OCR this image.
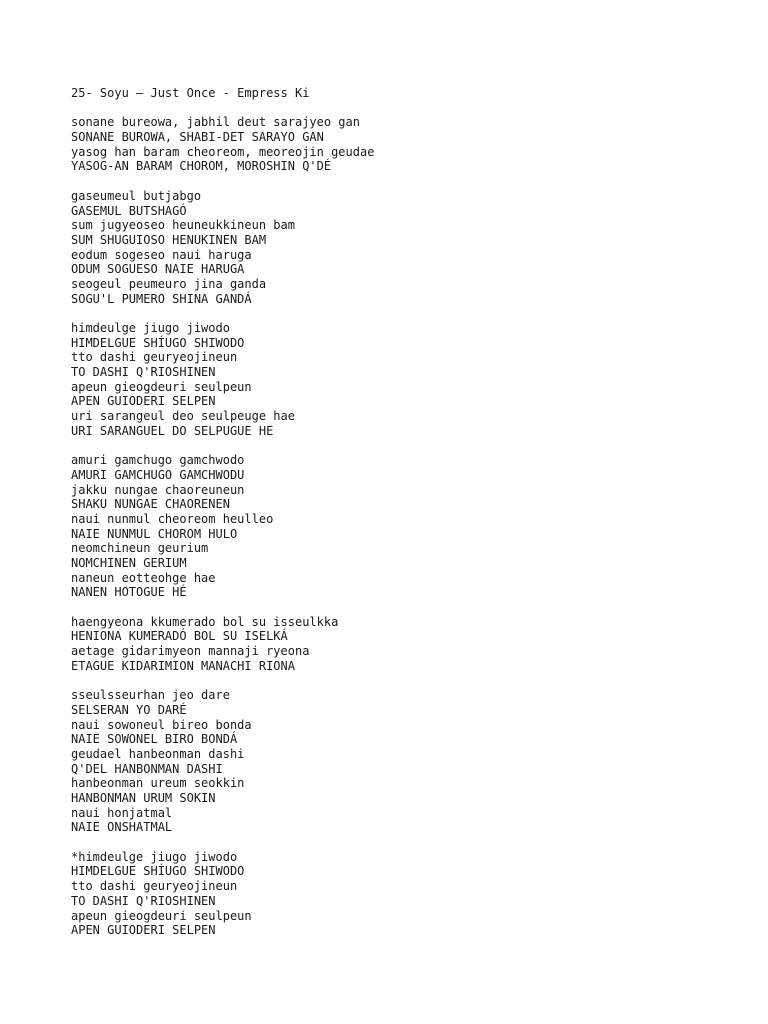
25- Soyu – Just Once - Empress Ki
sonane bureowa, jabhil deut sarajyeo gan
SONANE BUROWA, SHABI-DET SARAYO GAN
yasog han baram cheoreom, meoreojin geudae
YASOG-AN BARAM CHOROM, MOROSHIN Q'DÉ
gaseumeul butjabgo
GASEMUL BUTSHAGÓ
sum jugyeoseo heuneukkineun bam
SUM SHUGUIOSO HENUKINEN BAM
eodum sogeseo naui haruga
ODUM SOGUESO NAIE HARUGA
seogeul peumeuro jina ganda
SOGU'L PUMERO SHINA GANDÁ
himdeulge jiugo jiwodo
HIMDELGUE SHÍUGO SHIWODO
tto dashi geuryeojineun
TO DASHI Q'RIOSHINEN
apeun gieogdeuri seulpeun
APEN GUIODERI SELPEN
uri sarangeul deo seulpeuge hae
URI SARANGUEL DO SELPUGUE HE
amuri gamchugo gamchwodo
AMURI GAMCHUGO GAMCHWODU
jakku nungae chaoreuneun
SHAKU NUNGAE CHAORENEN
naui nunmul cheoreom heulleo
NAIE NUNMUL CHOROM HULO
neomchineun geurium
NOMCHINEN GERIUM
naneun eotteohge hae
NANEN HOTOGUE HÉ
haengyeona kkumerado bol su isseulkka
HENIONA KUMERADÓ BOL SU ISELKÁ
aetage gidarimyeon mannaji ryeona
ETAGUE KIDARIMION MANACHI RIONA
sseulsseurhan jeo dare
SELSERAN YO DARÉ
naui sowoneul bireo bonda
NAIE SOWONEL BIRO BONDÁ
geudael hanbeonman dashi
Q'DEL HANBONMAN DASHI
hanbeonman ureum seokkin
HANBONMAN URUM SOKIN
naui honjatmal
NAIE ONSHATMAL
*himdeulge jiugo jiwodo
HIMDELGUE SHÍUGO SHIWODO
tto dashi geuryeojineun
TO DASHI Q'RIOSHINEN
apeun gieogdeuri seulpeun
APEN GUIODERI SELPEN
